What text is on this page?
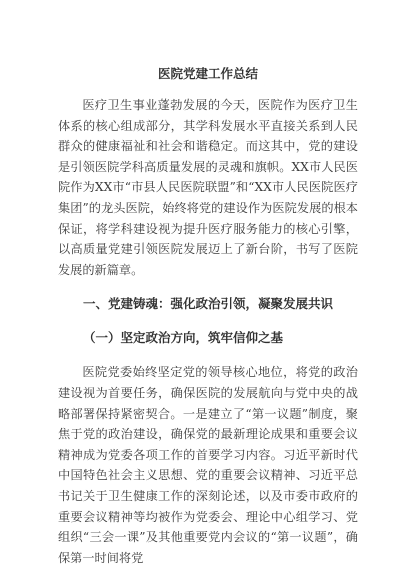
医院党建工作总结

医疗卫生事业蓬勃发展的今天，医院作为医疗卫生体系的核心组成部分，其学科发展水平直接关系到人民群众的健康福祉和社会和谐稳定。而这其中，党的建设是引领医院学科高质量发展的灵魂和旗帜。XX市人民医院作为XX市“市县人民医院联盟”和“XX市人民医院医疗集团”的龙头医院，始终将党的建设作为医院发展的根本保证，将学科建设视为提升医疗服务能力的核心引擎，以高质量党建引领医院发展迈上了新台阶，书写了医院发展的新篇章。

一、党建铸魂：强化政治引领，凝聚发展共识
（一）坚定政治方向，筑牢信仰之基

医院党委始终坚定党的领导核心地位，将党的政治建设视为首要任务，确保医院的发展航向与党中央的战略部署保持紧密契合。一是建立了“第一议题”制度，聚焦于党的政治建设，确保党的最新理论成果和重要会议精神成为党委各项工作的首要学习内容。习近平新时代中国特色社会主义思想、党的重要会议精神、习近平总书记关于卫生健康工作的深刻论述，以及市委市政府的重要会议精神等均被作为党委会、理论中心组学习、党组织“三会一课”及其他重要党内会议的“第一议题”，确保第一时间将党
